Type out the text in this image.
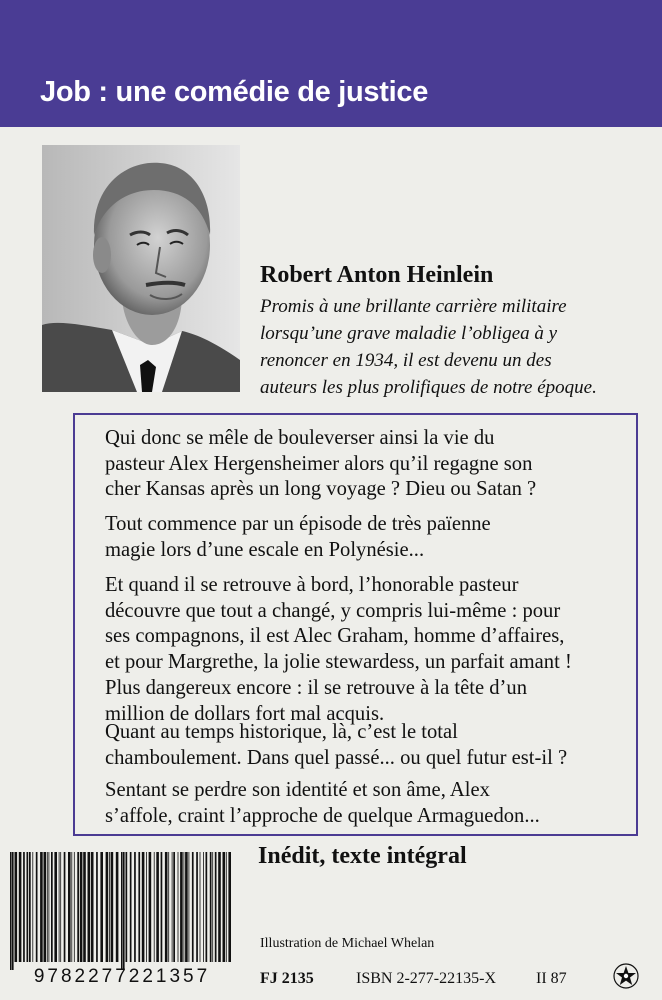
Job : une comédie de justice
Robert Anton Heinlein
Promis à une brillante carrière militaire
lorsqu’une grave maladie l’obligea à y
renoncer en 1934, il est devenu un des
auteurs les plus prolifiques de notre époque.
Qui donc se mêle de bouleverser ainsi la vie du
pasteur Alex Hergensheimer alors qu’il regagne son
cher Kansas après un long voyage ? Dieu ou Satan ?
Tout commence par un épisode de très païenne
magie lors d’une escale en Polynésie...
Et quand il se retrouve à bord, l’honorable pasteur
découvre que tout a changé, y compris lui-même : pour
ses compagnons, il est Alec Graham, homme d’affaires,
et pour Margrethe, la jolie stewardess, un parfait amant !
Plus dangereux encore : il se retrouve à la tête d’un
million de dollars fort mal acquis.
Quant au temps historique, là, c’est le total
chamboulement. Dans quel passé... ou quel futur est-il ?
Sentant se perdre son identité et son âme, Alex
s’affole, craint l’approche de quelque Armaguedon...
Inédit, texte intégral
9782277221357
Illustration de Michael Whelan
FJ 2135	ISBN 2-277-22135-X	II 87
